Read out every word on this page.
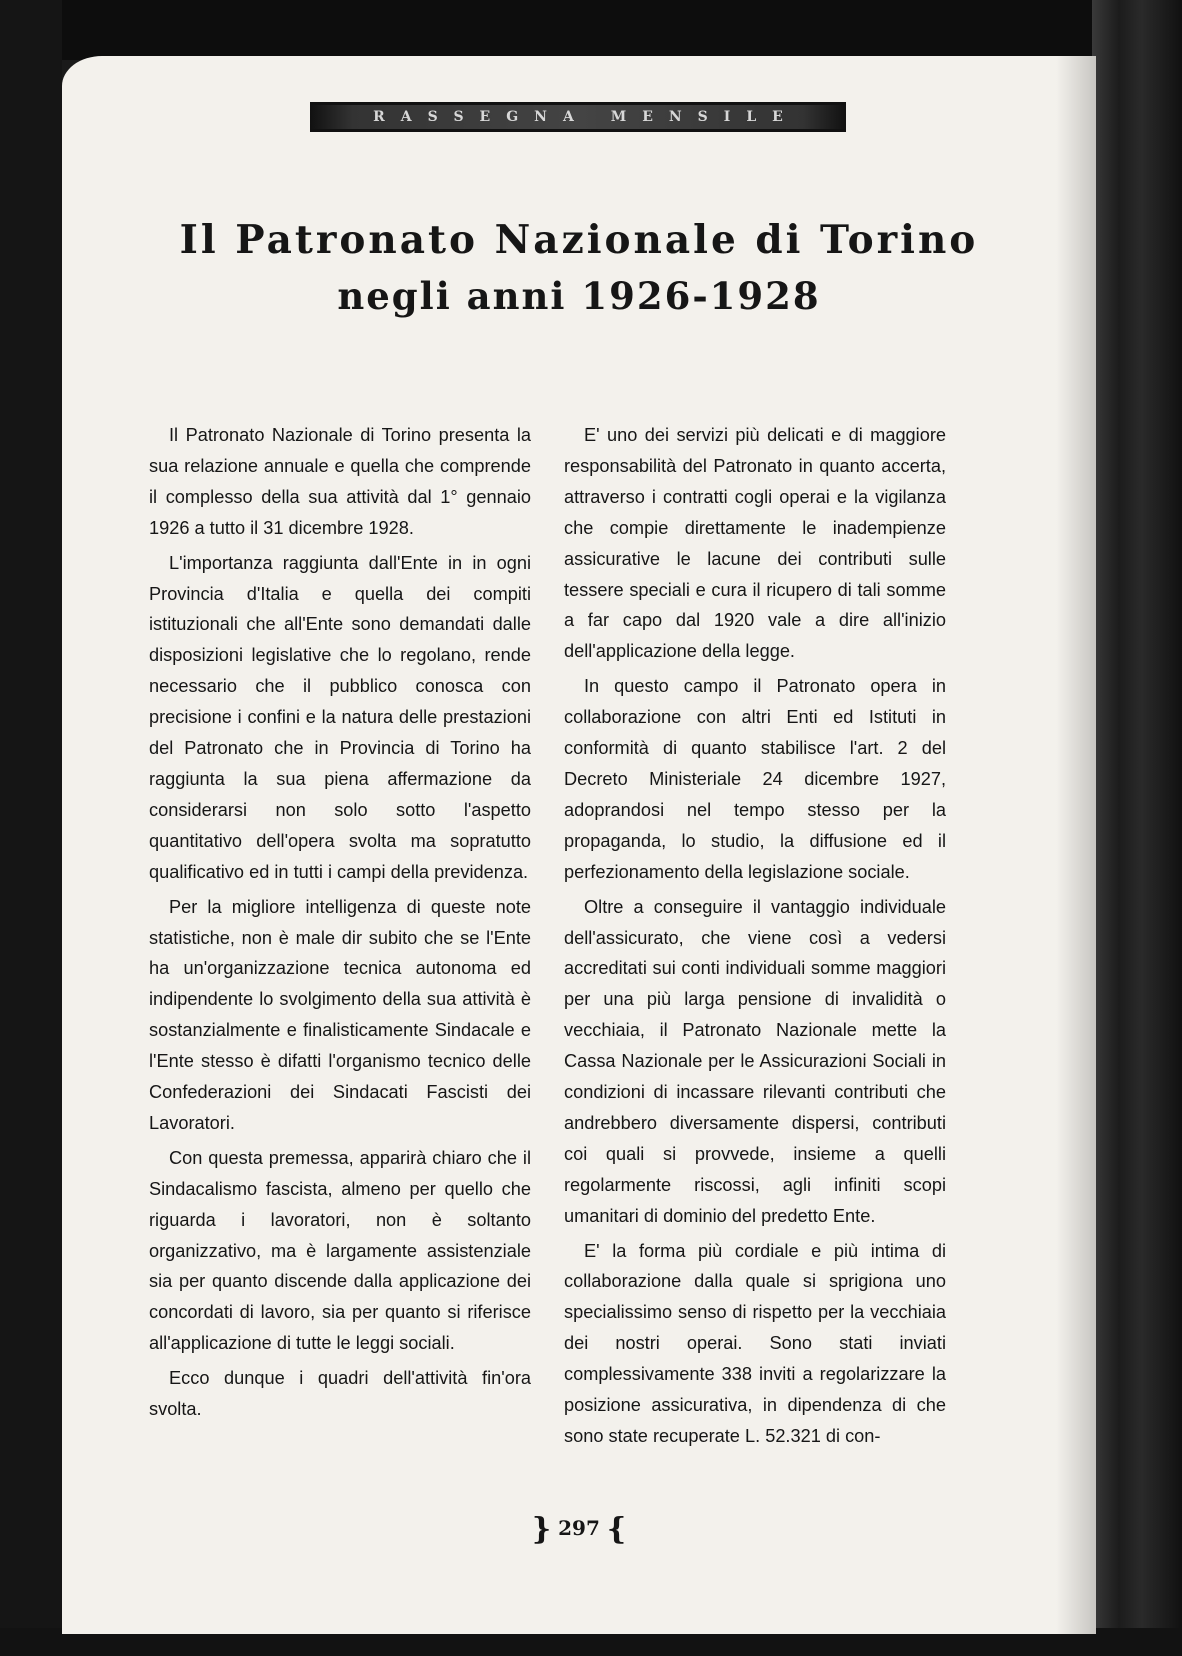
RASSEGNA MENSILE
Il Patronato Nazionale di Torino
negli anni 1926-1928

Il Patronato Nazionale di Torino presenta la sua relazione annuale e quella che comprende il complesso della sua attività dal 1° gennaio 1926 a tutto il 31 dicembre 1928.

L'importanza raggiunta dall'Ente in in ogni Provincia d'Italia e quella dei compiti istituzionali che all'Ente sono demandati dalle disposizioni legislative che lo regolano, rende necessario che il pubblico conosca con precisione i confini e la natura delle prestazioni del Patronato che in Provincia di Torino ha raggiunta la sua piena affermazione da considerarsi non solo sotto l'aspetto quantitativo dell'opera svolta ma sopratutto qualificativo ed in tutti i campi della previdenza.

Per la migliore intelligenza di queste note statistiche, non è male dir subito che se l'Ente ha un'organizzazione tecnica autonoma ed indipendente lo svolgimento della sua attività è sostanzialmente e finalisticamente Sindacale e l'Ente stesso è difatti l'organismo tecnico delle Confederazioni dei Sindacati Fascisti dei Lavoratori.

Con questa premessa, apparirà chiaro che il Sindacalismo fascista, almeno per quello che riguarda i lavoratori, non è soltanto organizzativo, ma è largamente assistenziale sia per quanto discende dalla applicazione dei concordati di lavoro, sia per quanto si riferisce all'applicazione di tutte le leggi sociali.

Ecco dunque i quadri dell'attività fin'ora svolta.

E' uno dei servizi più delicati e di maggiore responsabilità del Patronato in quanto accerta, attraverso i contratti cogli operai e la vigilanza che compie direttamente le inadempienze assicurative le lacune dei contributi sulle tessere speciali e cura il ricupero di tali somme a far capo dal 1920 vale a dire all'inizio dell'applicazione della legge.

In questo campo il Patronato opera in collaborazione con altri Enti ed Istituti in conformità di quanto stabilisce l'art. 2 del Decreto Ministeriale 24 dicembre 1927, adoprandosi nel tempo stesso per la propaganda, lo studio, la diffusione ed il perfezionamento della legislazione sociale.

Oltre a conseguire il vantaggio individuale dell'assicurato, che viene così a vedersi accreditati sui conti individuali somme maggiori per una più larga pensione di invalidità o vecchiaia, il Patronato Nazionale mette la Cassa Nazionale per le Assicurazioni Sociali in condizioni di incassare rilevanti contributi che andrebbero diversamente dispersi, contributi coi quali si provvede, insieme a quelli regolarmente riscossi, agli infiniti scopi umanitari di dominio del predetto Ente.

E' la forma più cordiale e più intima di collaborazione dalla quale si sprigiona uno specialissimo senso di rispetto per la vecchiaia dei nostri operai. Sono stati inviati complessivamente 338 inviti a regolarizzare la posizione assicurativa, in dipendenza di che sono state recuperate L. 52.321 di con-

} 297 {
